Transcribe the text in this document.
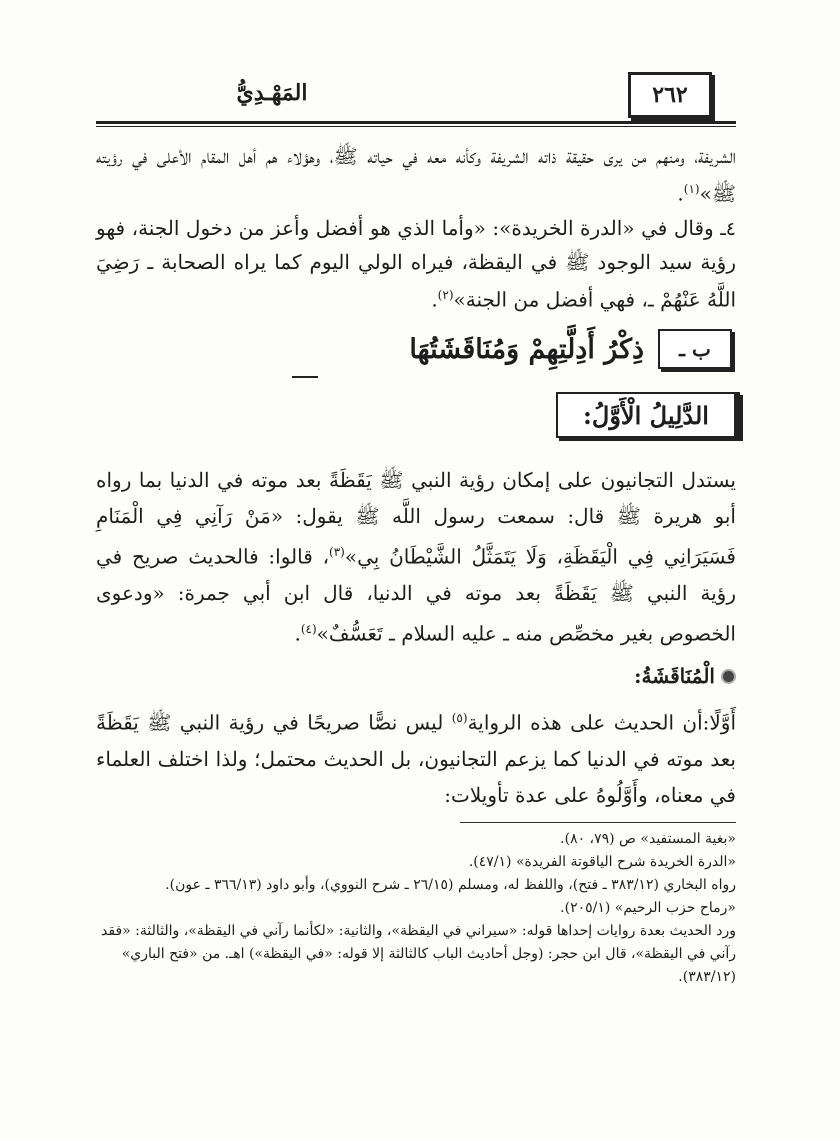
٢٦٢
المَهْـدِيُّ
الشريفة، ومنهم من يرى حقيقة ذاته الشريفة وكأنه معه في حياته ﷺ، وهؤلاء هم أهل المقام الأعلى في رؤيته ﷺ»$^{(١)}$.
٤ـ وقال في «الدرة الخريدة»: «وأما الذي هو أفضل وأعز من دخول الجنة، فهو رؤية سيد الوجود ﷺ في اليقظة، فيراه الولي اليوم كما يراه الصحابة ـ رَضِيَ اللَّهُ عَنْهُمْ ـ، فهي أفضل من الجنة»$^{(٢)}$.
ب ـ
ذِكْرُ أَدِلَّتِهِمْ وَمُنَاقَشَتُهَا
الدَّلِيلُ الْأَوَّلُ:
يستدل التجانيون على إمكان رؤية النبي ﷺ يَقَظَةً بعد موته في الدنيا بما رواه أبو هريرة ﷺ قال: سمعت رسول اللَّه ﷺ يقول: «مَنْ رَآنِي فِي الْمَنَامِ فَسَيَرَانِي فِي الْيَقَظَةِ، وَلَا يَتَمَثَّلُ الشَّيْطَانُ بِي»$^{(٣)}$، قالوا: فالحديث صريح في رؤية النبي ﷺ يَقَظَةً بعد موته في الدنيا، قال ابن أبي جمرة: «ودعوى الخصوص بغير مخصِّص منه ـ عليه السلام ـ تَعَسُّفٌ»$^{(٤)}$.
الْمُنَاقَشَةُ:
أَوَّلًا:أن الحديث على هذه الرواية$^{(٥)}$ ليس نصًّا صريحًا في رؤية النبي ﷺ يَقَظَةً بعد موته في الدنيا كما يزعم التجانيون، بل الحديث محتمل؛ ولذا اختلف العلماء في معناه، وأَوَّلُوهُ على عدة تأويلات:
«بغية المستفيد» ص (٧٩، ٨٠).
«الدرة الخريدة شرح الياقوتة الفريدة» (٤٧/١).
رواه البخاري (٣٨٣/١٢ ـ فتح)، واللفظ له، ومسلم (٢٦/١٥ ـ شرح النووي)، وأبو داود (٣٦٦/١٣ ـ عون).
«رماح حزب الرحيم» (٢٠٥/١).
ورد الحديث بعدة روايات إحداها قوله: «سيراني في اليقظة»، والثانية: «لكأنما رآني في اليقظة»، والثالثة: «فقد رآني في اليقظة»، قال ابن حجر: (وجل أحاديث الباب كالثالثة إلا قوله: «في اليقظة») اهـ. من «فتح الباري» (٣٨٣/١٢).
